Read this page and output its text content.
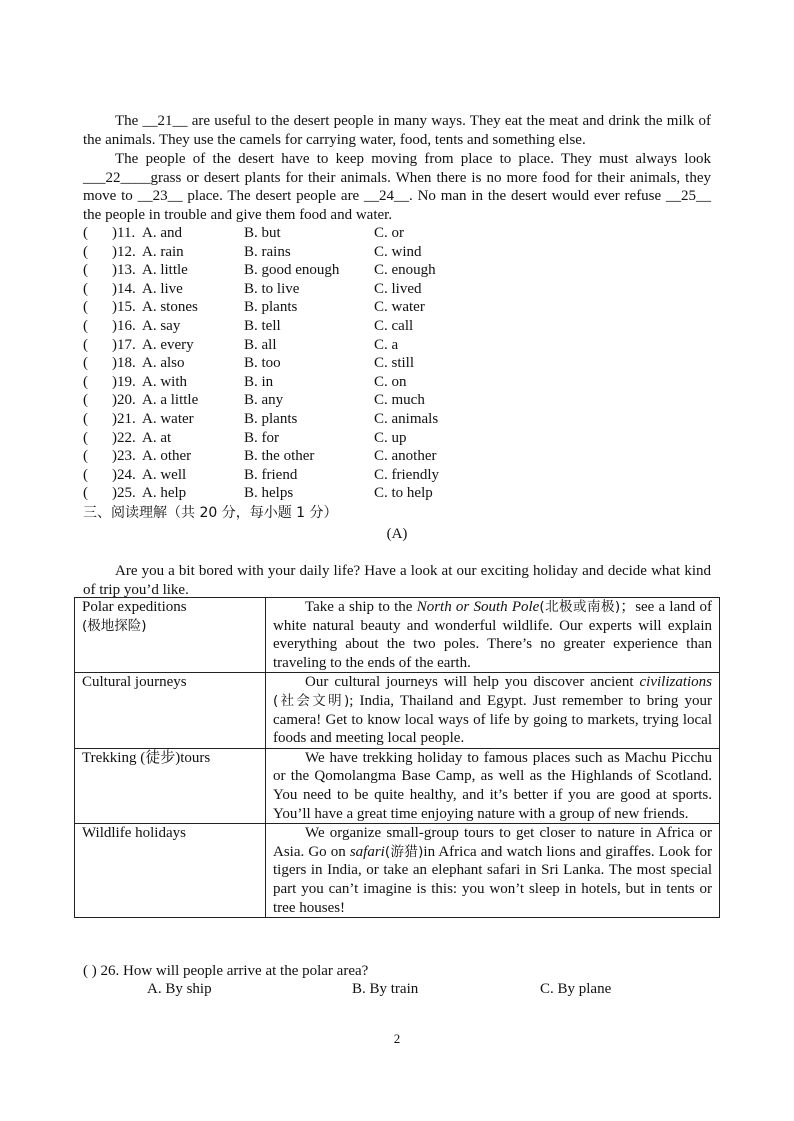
The __21__ are useful to the desert people in many ways. They eat the meat and drink the milk of the animals. They use the camels for carrying water, food, tents and something else.

The people of the desert have to keep moving from place to place. They must always look ___22____grass or desert plants for their animals. When there is no more food for their animals, they move to __23__ place. The desert people are __24__. No man in the desert would ever refuse __25__ the people in trouble and give them food and water.

( )11. A. and	B. but	C. or
( )12. A. rain	B. rains	C. wind
( )13. A. little	B. good enough C. enough
( )14. A. live	B. to live	C. lived
( )15. A. stones	B. plants	C. water
( )16. A. say	B. tell	C. call
( )17. A. every	B. all	C. a
( )18. A. also	B. too	C. still
( )19. A. with	B. in	C. on
( )20. A. a little	B. any	C. much
( )21. A. water	B. plants	C. animals
( )22. A. at	B. for	C. up
( )23. A. other	B. the other	C. another
( )24. A. well	B. friend	C. friendly
( )25. A. help	B. helps	C. to help
三、阅读理解（共 20 分，每小题 1 分）
(A)

Are you a bit bored with your daily life? Have a look at our exciting holiday and decide what kind of trip you’d like.

Polar expeditions
(极地探险)	Take a ship to the North or South Pole(北极或南极)；see a land of white natural beauty and wonderful wildlife. Our experts will explain everything about the two poles. There’s no greater experience than traveling to the ends of the earth.
Cultural journeys	Our cultural journeys will help you discover ancient civilizations (社会文明); India, Thailand and Egypt. Just remember to bring your camera! Get to know local ways of life by going to markets, trying local foods and meeting local people.
Trekking (徒步)tours	We have trekking holiday to famous places such as Machu Picchu or the Qomolangma Base Camp, as well as the Highlands of Scotland. You need to be quite healthy, and it’s better if you are good at sports. You’ll have a great time enjoying nature with a group of new friends.
Wildlife holidays	We organize small-group tours to get closer to nature in Africa or Asia. Go on safari(游猎)in Africa and watch lions and giraffes. Look for tigers in India, or take an elephant safari in Sri Lanka. The most special part you can’t imagine is this: you won’t sleep in hotels, but in tents or tree houses!
( ) 26. How will people arrive at the polar area?
A. By ship	B. By train	C. By plane
2
